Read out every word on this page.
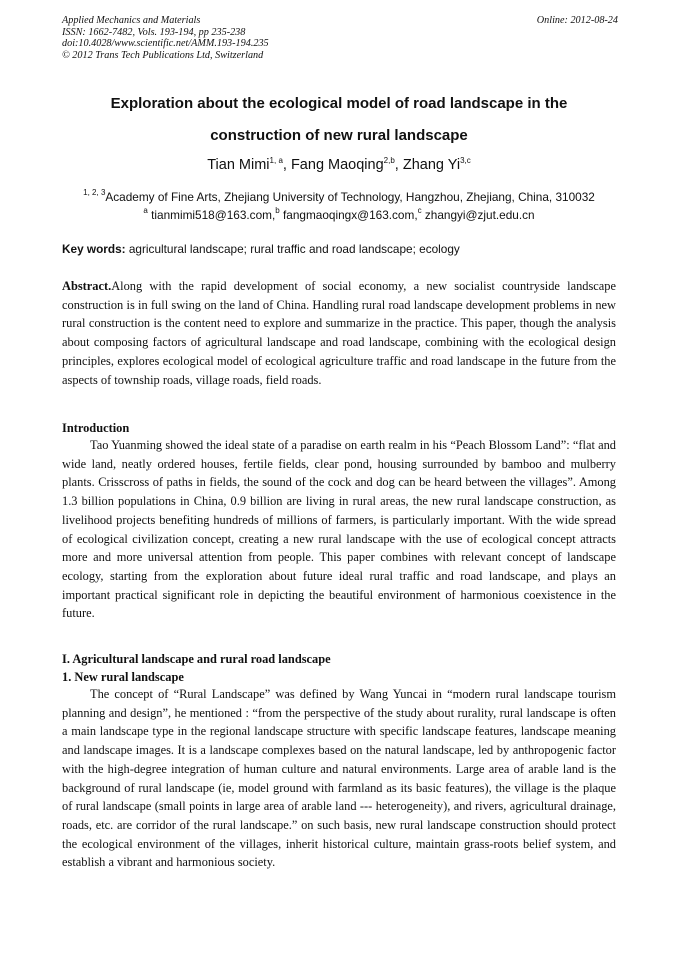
Applied Mechanics and Materials
ISSN: 1662-7482, Vols. 193-194, pp 235-238
doi:10.4028/www.scientific.net/AMM.193-194.235
© 2012 Trans Tech Publications Ltd, Switzerland
Online: 2012-08-24
Exploration about the ecological model of road landscape in the
construction of new rural landscape
Tian Mimi$^{1, a}$, Fang Maoqing$^{2,b}$, Zhang Yi$^{3,c}$
$^{1, 2, 3}$Academy of Fine Arts, Zhejiang University of Technology, Hangzhou, Zhejiang, China, 310032
$^a$ tianmimi518@163.com,$^b$ fangmaoqingx@163.com,$^c$ zhangyi@zjut.edu.cn
Key words: agricultural landscape; rural traffic and road landscape; ecology
Abstract.Along with the rapid development of social economy, a new socialist countryside landscape construction is in full swing on the land of China. Handling rural road landscape development problems in new rural construction is the content need to explore and summarize in the practice. This paper, though the analysis about composing factors of agricultural landscape and road landscape, combining with the ecological design principles, explores ecological model of ecological agriculture traffic and road landscape in the future from the aspects of township roads, village roads, field roads.
Introduction
Tao Yuanming showed the ideal state of a paradise on earth realm in his “Peach Blossom Land”: “flat and wide land, neatly ordered houses, fertile fields, clear pond, housing surrounded by bamboo and mulberry plants. Crisscross of paths in fields, the sound of the cock and dog can be heard between the villages”. Among 1.3 billion populations in China, 0.9 billion are living in rural areas, the new rural landscape construction, as livelihood projects benefiting hundreds of millions of farmers, is particularly important. With the wide spread of ecological civilization concept, creating a new rural landscape with the use of ecological concept attracts more and more universal attention from people. This paper combines with relevant concept of landscape ecology, starting from the exploration about future ideal rural traffic and road landscape, and plays an important practical significant role in depicting the beautiful environment of harmonious coexistence in the future.
I. Agricultural landscape and rural road landscape
1. New rural landscape
The concept of “Rural Landscape” was defined by Wang Yuncai in “modern rural landscape tourism planning and design”, he mentioned : “from the perspective of the study about rurality, rural landscape is often a main landscape type in the regional landscape structure with specific landscape features, landscape meaning and landscape images. It is a landscape complexes based on the natural landscape, led by anthropogenic factor with the high-degree integration of human culture and natural environments. Large area of arable land is the background of rural landscape (ie, model ground with farmland as its basic features), the village is the plaque of rural landscape (small points in large area of arable land --- heterogeneity), and rivers, agricultural drainage, roads, etc. are corridor of the rural landscape.” on such basis, new rural landscape construction should protect the ecological environment of the villages, inherit historical culture, maintain grass-roots belief system, and establish a vibrant and harmonious society.
